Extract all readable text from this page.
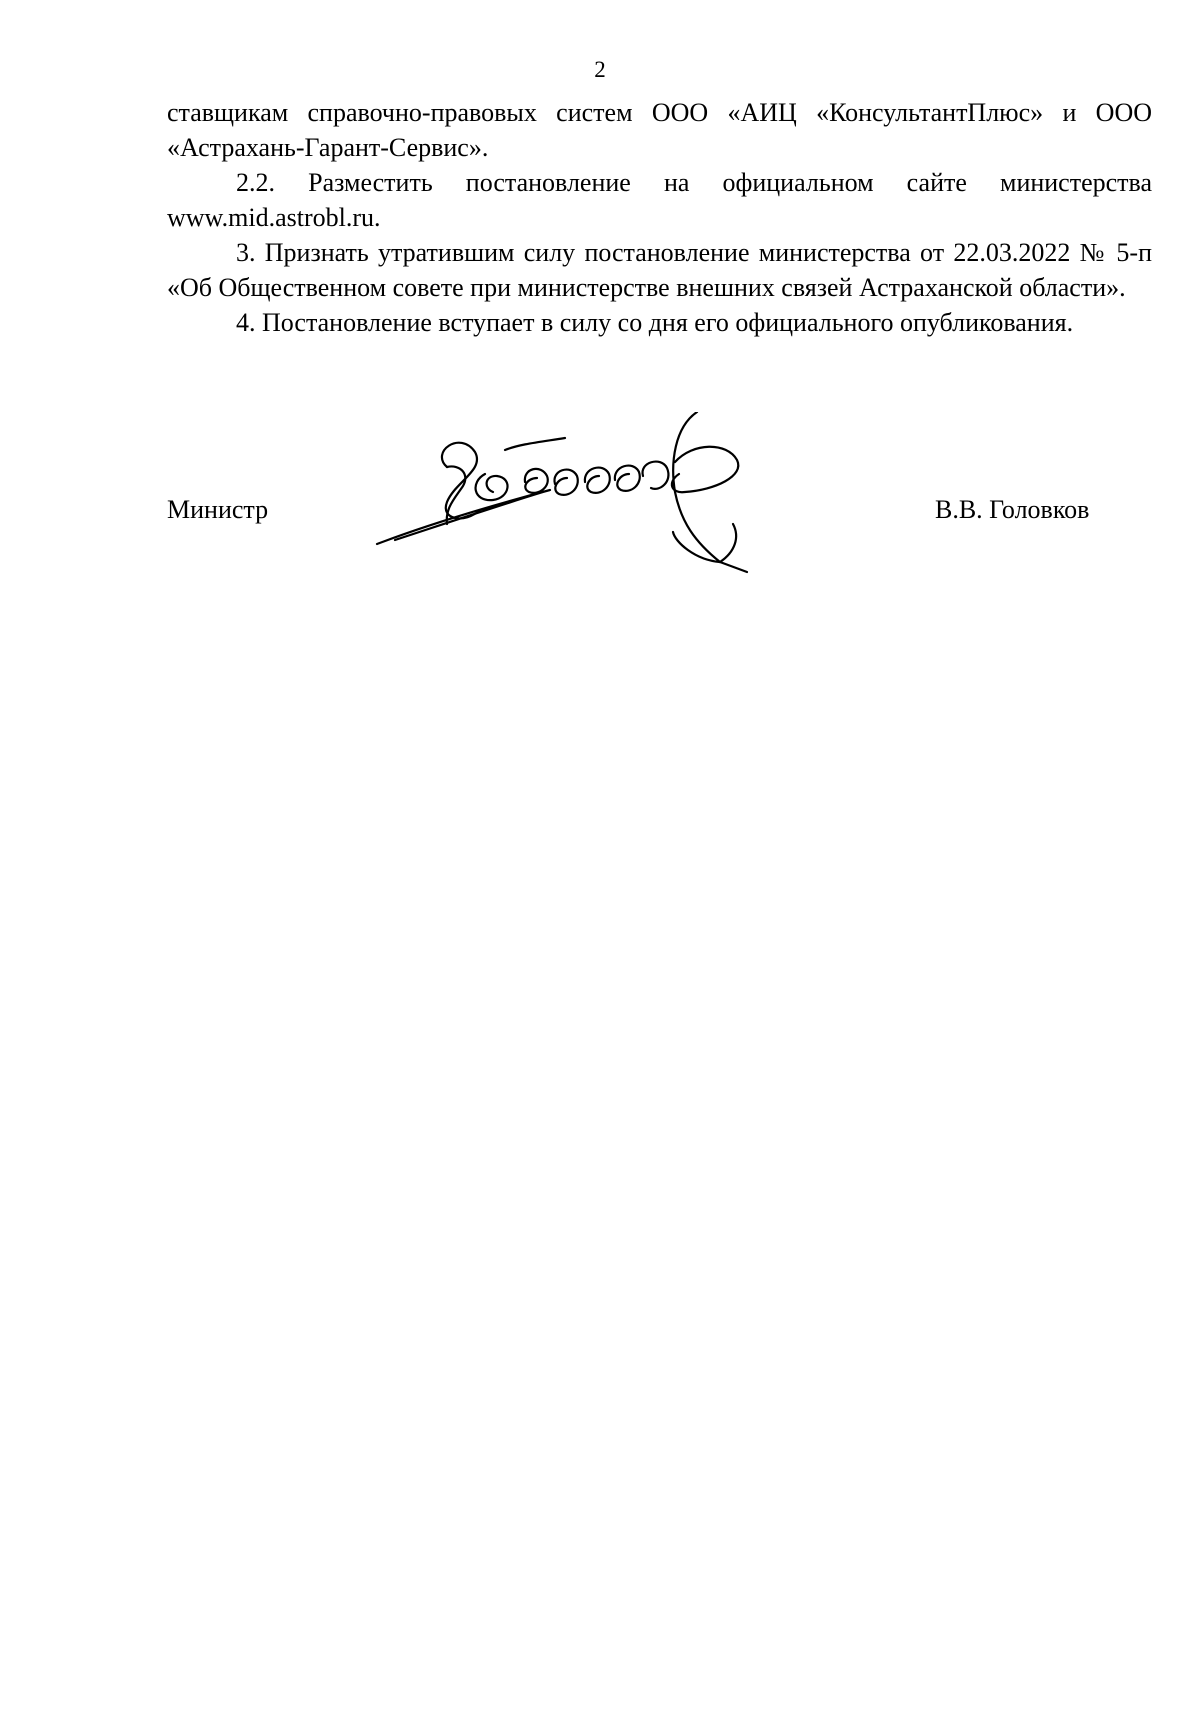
2

ставщикам справочно-правовых систем ООО «АИЦ «КонсультантПлюс» и ООО «Астрахань-Гарант-Сервис».

2.2. Разместить постановление на официальном сайте министерства www.mid.astrobl.ru.

3. Признать утратившим силу постановление министерства от 22.03.2022 № 5-п «Об Общественном совете при министерстве внешних связей Астраханской области».

4. Постановление вступает в силу со дня его официального опубликования.

Министр	В.В. Головков
